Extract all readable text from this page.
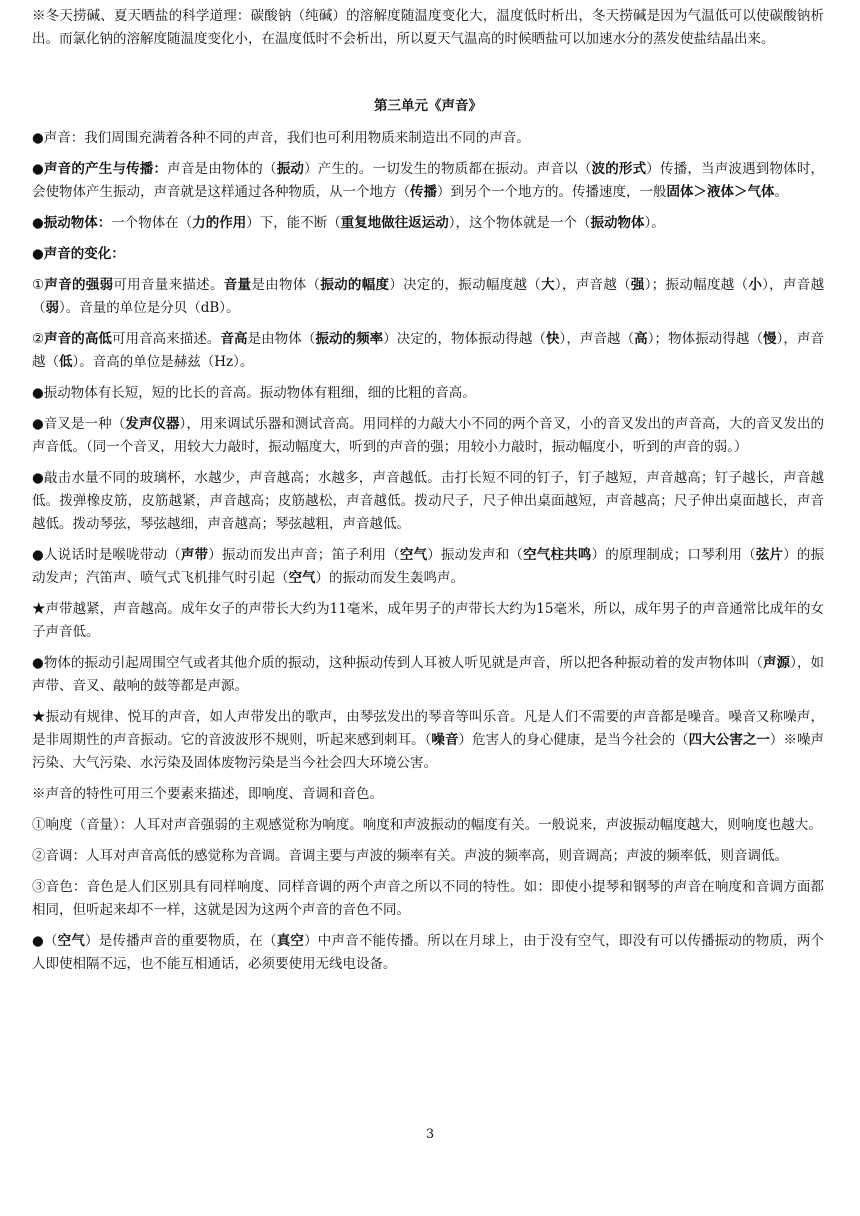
※冬天捞碱、夏天晒盐的科学道理：碳酸钠（纯碱）的溶解度随温度变化大，温度低时析出，冬天捞碱是因为气温低可以使碳酸钠析出。而氯化钠的溶解度随温度变化小，在温度低时不会析出，所以夏天气温高的时候晒盐可以加速水分的蒸发使盐结晶出来。

第三单元《声音》

●声音：我们周围充满着各种不同的声音，我们也可利用物质来制造出不同的声音。

●声音的产生与传播：声音是由物体的（振动）产生的。一切发生的物质都在振动。声音以（波的形式）传播，当声波遇到物体时，会使物体产生振动，声音就是这样通过各种物质，从一个地方（传播）到另个一个地方的。传播速度，一般固体＞液体＞气体。

●振动物体：一个物体在（力的作用）下，能不断（重复地做往返运动），这个物体就是一个（振动物体）。

●声音的变化：

①声音的强弱可用音量来描述。音量是由物体（振动的幅度）决定的，振动幅度越（大），声音越（强）；振动幅度越（小），声音越（弱）。音量的单位是分贝（dB）。

②声音的高低可用音高来描述。音高是由物体（振动的频率）决定的，物体振动得越（快），声音越（高）；物体振动得越（慢），声音越（低）。音高的单位是赫兹（Hz）。

●振动物体有长短，短的比长的音高。振动物体有粗细，细的比粗的音高。

●音叉是一种（发声仪器），用来调试乐器和测试音高。用同样的力敲大小不同的两个音叉，小的音叉发出的声音高，大的音叉发出的声音低。（同一个音叉，用较大力敲时，振动幅度大，听到的声音的强；用较小力敲时，振动幅度小，听到的声音的弱。）

●敲击水量不同的玻璃杯，水越少，声音越高；水越多，声音越低。击打长短不同的钉子，钉子越短，声音越高；钉子越长，声音越低。拨弹橡皮筋，皮筋越紧，声音越高；皮筋越松，声音越低。拨动尺子，尺子伸出桌面越短，声音越高；尺子伸出桌面越长，声音越低。拨动琴弦，琴弦越细，声音越高；琴弦越粗，声音越低。

●人说话时是喉咙带动（声带）振动而发出声音；笛子利用（空气）振动发声和（空气柱共鸣）的原理制成；口琴利用（弦片）的振动发声；汽笛声、喷气式飞机排气时引起（空气）的振动而发生轰鸣声。

★声带越紧，声音越高。成年女子的声带长大约为11毫米，成年男子的声带长大约为15毫米，所以，成年男子的声音通常比成年的女子声音低。

●物体的振动引起周围空气或者其他介质的振动，这种振动传到人耳被人听见就是声音，所以把各种振动着的发声物体叫（声源），如声带、音叉、敲响的鼓等都是声源。

★振动有规律、悦耳的声音，如人声带发出的歌声，由琴弦发出的琴音等叫乐音。凡是人们不需要的声音都是噪音。噪音又称噪声，是非周期性的声音振动。它的音波波形不规则，听起来感到刺耳。（噪音）危害人的身心健康，是当今社会的（四大公害之一）※噪声污染、大气污染、水污染及固体废物污染是当今社会四大环境公害。

※声音的特性可用三个要素来描述，即响度、音调和音色。

①响度（音量）：人耳对声音强弱的主观感觉称为响度。响度和声波振动的幅度有关。一般说来，声波振动幅度越大，则响度也越大。

②音调：人耳对声音高低的感觉称为音调。音调主要与声波的频率有关。声波的频率高，则音调高；声波的频率低，则音调低。

③音色：音色是人们区别具有同样响度、同样音调的两个声音之所以不同的特性。如：即使小提琴和钢琴的声音在响度和音调方面都相同，但听起来却不一样，这就是因为这两个声音的音色不同。

●（空气）是传播声音的重要物质，在（真空）中声音不能传播。所以在月球上，由于没有空气，即没有可以传播振动的物质，两个人即使相隔不远，也不能互相通话，必须要使用无线电设备。

3
